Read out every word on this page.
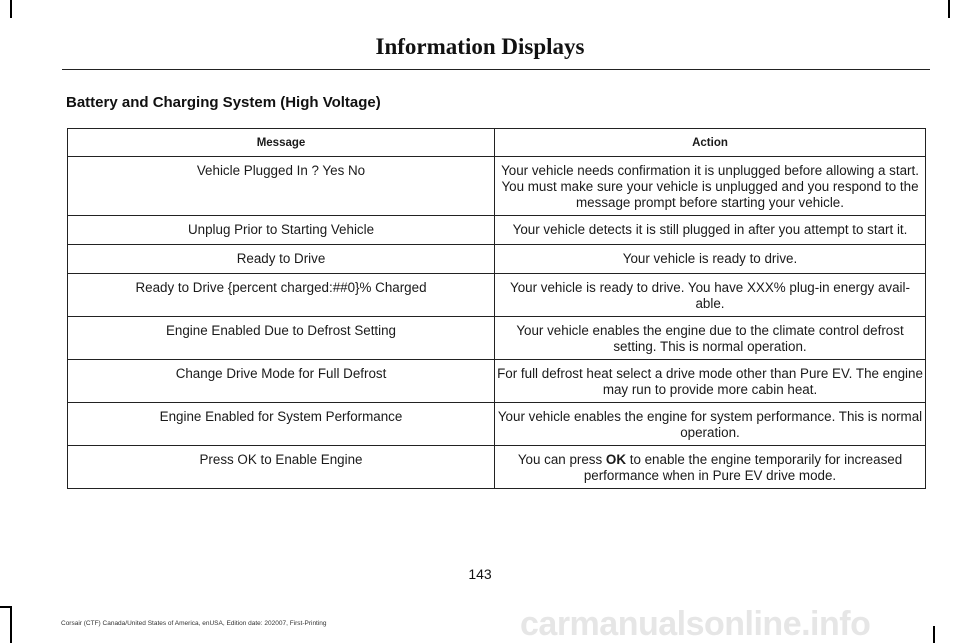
Information Displays
Battery and Charging System (High Voltage)
Message	Action
Vehicle Plugged In ? Yes No	Your vehicle needs confirmation it is unplugged before allowing a start. You must make sure your vehicle is unplugged and you respond to the message prompt before starting your vehicle.
Unplug Prior to Starting Vehicle	Your vehicle detects it is still plugged in after you attempt to start it.
Ready to Drive	Your vehicle is ready to drive.
Ready to Drive {percent charged:##0}% Charged	Your vehicle is ready to drive. You have XXX% plug-in energy avail-able.
Engine Enabled Due to Defrost Setting	Your vehicle enables the engine due to the climate control defrost setting. This is normal operation.
Change Drive Mode for Full Defrost	For full defrost heat select a drive mode other than Pure EV. The engine may run to provide more cabin heat.
Engine Enabled for System Performance	Your vehicle enables the engine for system performance. This is normal operation.
Press OK to Enable Engine	You can press OK to enable the engine temporarily for increased performance when in Pure EV drive mode.
143
Corsair (CTF) Canada/United States of America, enUSA, Edition date: 202007, First-Printing	carmanualsonline.info
